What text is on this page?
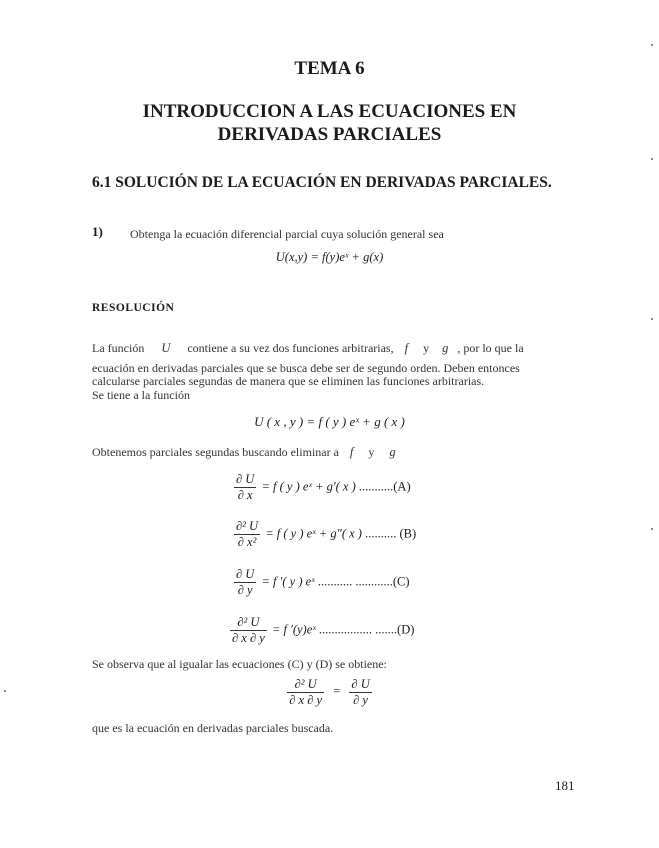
TEMA 6
INTRODUCCION A LAS ECUACIONES EN
DERIVADAS PARCIALES
6.1 SOLUCIÓN DE LA ECUACIÓN EN DERIVADAS PARCIALES.
1) Obtenga la ecuación diferencial parcial cuya solución general sea
U(x,y) = f(y)eˣ + g(x)
RESOLUCIÓN
La función U contiene a su vez dos funciones arbitrarias, f y g , por lo que la
ecuación en derivadas parciales que se busca debe ser de segundo orden. Deben entonces
calcularse parciales segundas de manera que se eliminen las funciones arbitrarias.
Se tiene a la función
U ( x , y ) = f ( y ) eˣ + g ( x )
Obtenemos parciales segundas buscando eliminar a f y g
$\frac{\partial U}{\partial x} = f$ ( y ) eˣ + g′( x ) ...........(A)
$\frac{\text{∂² U}}{\text{∂ x²}} = f$ ( y ) eˣ + g″( x ) .......... (B)
$\frac{\partial U}{\partial y} = f$ ′( y ) eˣ ........... ............(C)
$\frac{\text{∂² U}}{\partial x \partial y} = f$ ′(y)eˣ ................. .......(D)
Se observa que al igualar las ecuaciones (C) y (D) se obtiene:
$\frac{\text{∂² U}}{\partial x \partial y} = \frac{\partial U}{\partial y}$
que es la ecuación en derivadas parciales buscada.
181
